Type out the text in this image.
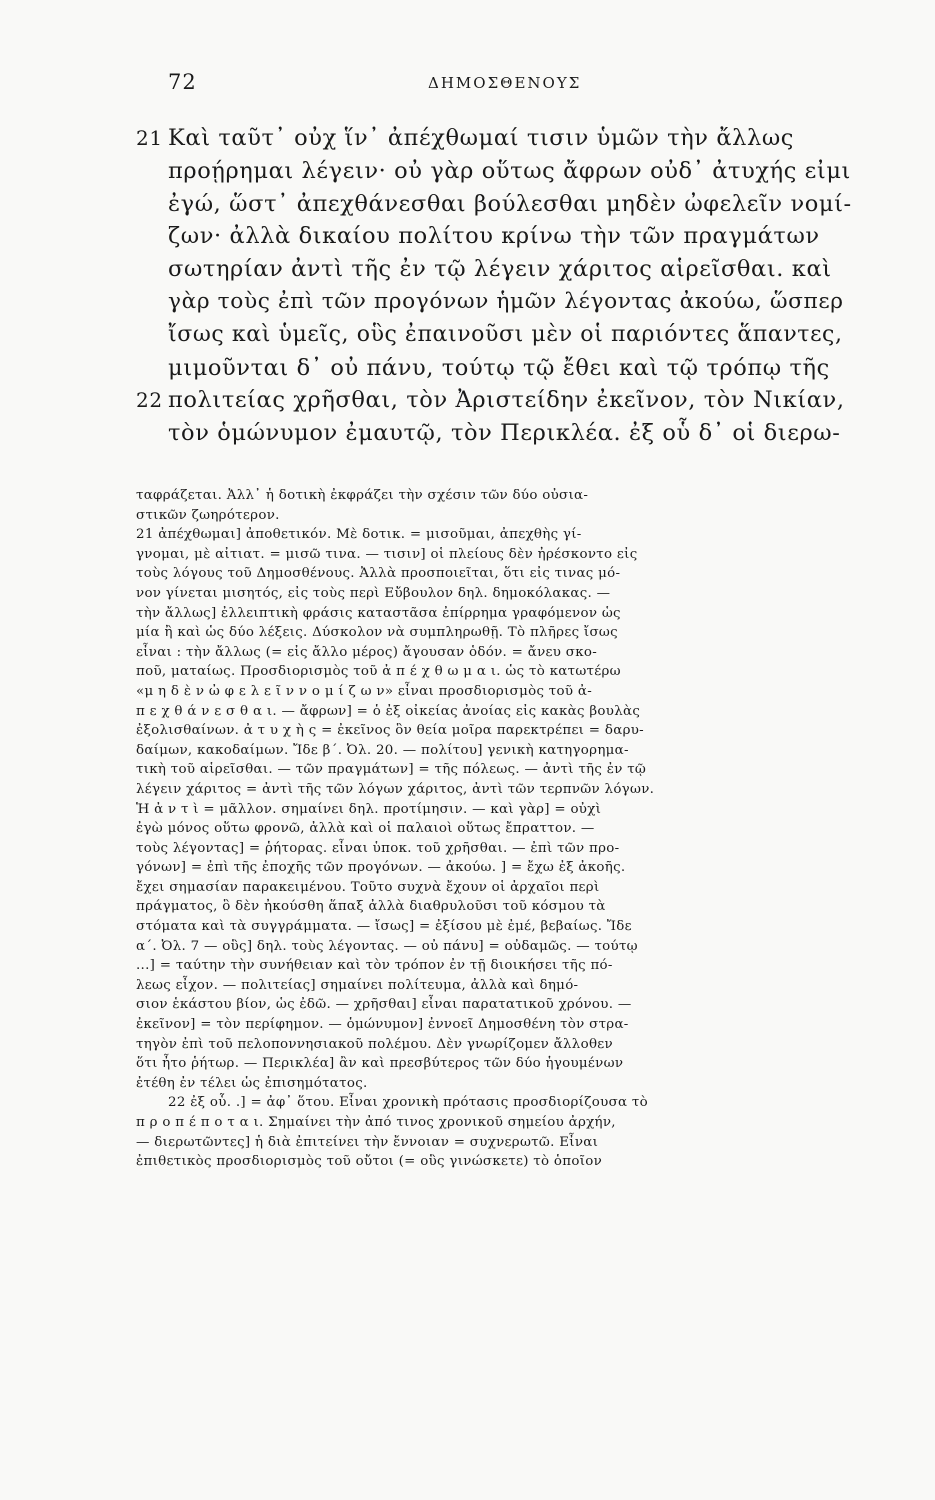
72	ΔΗΜΟΣΘΕΝΟΥΣ
21 Καὶ ταῦτ᾽ οὐχ ἵν᾽ ἀπέχθωμαί τισιν ὑμῶν τὴν ἄλλως
προῄρημαι λέγειν· οὐ γὰρ οὕτως ἄφρων οὐδ᾽ ἀτυχής εἰμι
ἐγώ, ὥστ᾽ ἀπεχθάνεσθαι βούλεσθαι μηδὲν ὠφελεῖν νομί-
ζων· ἀλλὰ δικαίου πολίτου κρίνω τὴν τῶν πραγμάτων
σωτηρίαν ἀντὶ τῆς ἐν τῷ λέγειν χάριτος αἱρεῖσθαι. καὶ
γὰρ τοὺς ἐπὶ τῶν προγόνων ἡμῶν λέγοντας ἀκούω, ὥσπερ
ἴσως καὶ ὑμεῖς, οὓς ἐπαινοῦσι μὲν οἱ παριόντες ἅπαντες,
μιμοῦνται δ᾽ οὐ πάνυ, τούτῳ τῷ ἔθει καὶ τῷ τρόπῳ τῆς
22 πολιτείας χρῆσθαι, τὸν Ἀριστείδην ἐκεῖνον, τὸν Νικίαν,
τὸν ὁμώνυμον ἐμαυτῷ, τὸν Περικλέα. ἐξ οὗ δ᾽ οἱ διερω-
ταφράζεται. Ἀλλ᾽ ἡ δοτικὴ ἐκφράζει τὴν σχέσιν τῶν δύο οὐσια-
στικῶν ζωηρότερον.
21 ἀπέχθωμαι] ἀποθετικόν. Μὲ δοτικ. = μισοῦμαι, ἀπεχθὴς γί-
γνομαι, μὲ αἰτιατ. = μισῶ τινα. — τισιν] οἱ πλείους δὲν ἠρέσκοντο εἰς
τοὺς λόγους τοῦ Δημοσθένους. Ἀλλὰ προσποιεῖται, ὅτι εἰς τινας μό-
νον γίνεται μισητός, εἰς τοὺς περὶ Εὔβουλον δηλ. δημοκόλακας. —
τὴν ἄλλως] ἐλλειπτικὴ φράσις καταστᾶσα ἐπίρρημα γραφόμενον ὡς
μία ἢ καὶ ὡς δύο λέξεις. Δύσκολον νὰ συμπληρωθῇ. Τὸ πλῆρες ἴσως
εἶναι : τὴν ἄλλως (= εἰς ἄλλο μέρος) ἄγουσαν ὁδόν. = ἄνευ σκο-
ποῦ, ματαίως. Προσδιορισμὸς τοῦ ἀ π έ χ θ ω μ α ι. ὡς τὸ κατωτέρω
«μ η δ ὲ ν ὠ φ ε λ ε ῖ ν ν ο μ ί ζ ω ν» εἶναι προσδιορισμὸς τοῦ ἀ-
π ε χ θ ά ν ε σ θ α ι. — ἄφρων] = ὁ ἐξ οἰκείας ἀνοίας εἰς κακὰς βουλὰς
ἐξολισθαίνων. ἀ τ υ χ ὴ ς = ἐκεῖνος ὃν θεία μοῖρα παρεκτρέπει = δαρυ-
δαίμων, κακοδαίμων. Ἴδε β΄. Ὀλ. 20. — πολίτου] γενικὴ κατηγορημα-
τικὴ τοῦ αἱρεῖσθαι. — τῶν πραγμάτων] = τῆς πόλεως. — ἀντὶ τῆς ἐν τῷ
λέγειν χάριτος = ἀντὶ τῆς τῶν λόγων χάριτος, ἀντὶ τῶν τερπνῶν λόγων.
Ἡ ἀ ν τ ὶ = μᾶλλον. σημαίνει δηλ. προτίμησιν. — καὶ γὰρ] = οὐχὶ
ἐγὼ μόνος οὕτω φρονῶ, ἀλλὰ καὶ οἱ παλαιοὶ οὕτως ἔπραττον. —
τοὺς λέγοντας] = ῥήτορας. εἶναι ὑποκ. τοῦ χρῆσθαι. — ἐπὶ τῶν προ-
γόνων] = ἐπὶ τῆς ἐποχῆς τῶν προγόνων. — ἀκούω. ] = ἔχω ἐξ ἀκοῆς.
ἔχει σημασίαν παρακειμένου. Τοῦτο συχνὰ ἔχουν οἱ ἀρχαῖοι περὶ
πράγματος, ὃ δὲν ἠκούσθη ἅπαξ ἀλλὰ διαθρυλοῦσι τοῦ κόσμου τὰ
στόματα καὶ τὰ συγγράμματα. — ἴσως] = ἐξίσου μὲ ἐμέ, βεβαίως. Ἴδε
α΄. Ὀλ. 7 — οὓς] δηλ. τοὺς λέγοντας. — οὐ πάνυ] = οὐδαμῶς. — τούτῳ
...] = ταύτην τὴν συνήθειαν καὶ τὸν τρόπον ἐν τῇ διοικήσει τῆς πό-
λεως εἶχον. — πολιτείας] σημαίνει πολίτευμα, ἀλλὰ καὶ δημό-
σιον ἑκάστου βίον, ὡς ἐδῶ. — χρῆσθαι] εἶναι παρατατικοῦ χρόνου. —
ἐκεῖνον] = τὸν περίφημον. — ὁμώνυμον] ἐννοεῖ Δημοσθένη τὸν στρα-
τηγὸν ἐπὶ τοῦ πελοποννησιακοῦ πολέμου. Δὲν γνωρίζομεν ἄλλοθεν
ὅτι ἦτο ῥήτωρ. — Περικλέα] ἂν καὶ πρεσβύτερος τῶν δύο ἡγουμένων
ἐτέθη ἐν τέλει ὡς ἐπισημότατος.
22 ἐξ οὗ. .] = ἀφ᾽ ὅτου. Εἶναι χρονικὴ πρότασις προσδιορίζουσα τὸ
π ρ ο π έ π ο τ α ι. Σημαίνει τὴν ἀπό τινος χρονικοῦ σημείου ἀρχήν,
— διερωτῶντες] ἡ διὰ ἐπιτείνει τὴν ἔννοιαν = συχνερωτῶ. Εἶναι
ἐπιθετικὸς προσδιορισμὸς τοῦ οὔτοι (= οὓς γινώσκετε) τὸ ὁποῖον
